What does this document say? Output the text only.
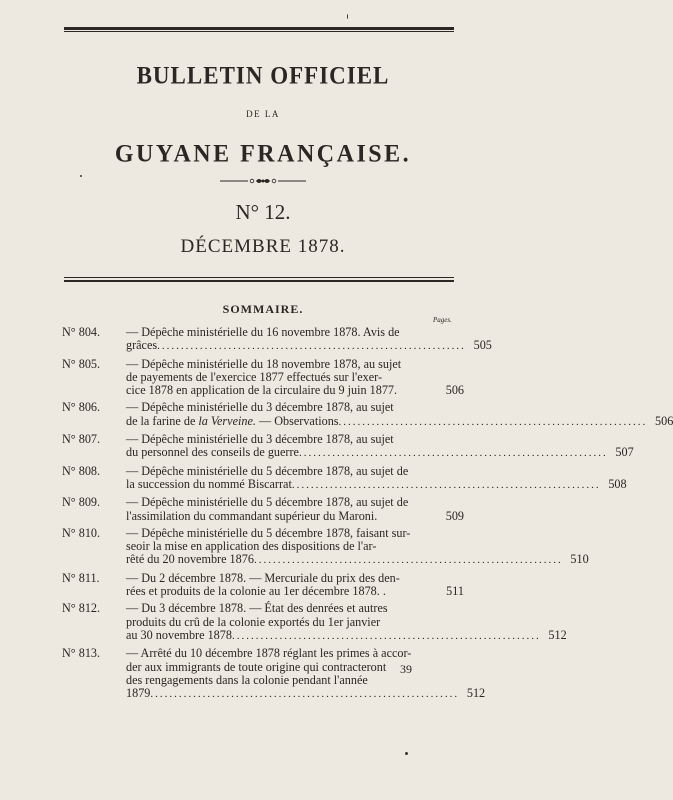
BULLETIN OFFICIEL
DE LA
GUYANE FRANÇAISE.
N° 12.
DÉCEMBRE 1878.
SOMMAIRE.
Pages.
N° 804.	— Dépêche ministérielle du 16 novembre 1878. Avis de
grâces ................................................................. 505
N° 805.	— Dépêche ministérielle du 18 novembre 1878, au sujet
de payements de l'exercice 1877 effectués sur l'exer-
cice 1878 en application de la circulaire du 9 juin 1877.	506
N° 806.	— Dépêche ministérielle du 3 décembre 1878, au sujet
de la farine de
la Verveine.
— Observations ................................................................. 506
N° 807.	— Dépêche ministérielle du 3 décembre 1878, au sujet
du personnel des conseils de guerre ................................................................. 507
N° 808.	— Dépêche ministérielle du 5 décembre 1878, au sujet de
la succession du nommé Biscarrat ................................................................. 508
N° 809.	— Dépêche ministérielle du 5 décembre 1878, au sujet de
l'assimilation du commandant supérieur du Maroni.	509
N° 810.	— Dépêche ministérielle du 5 décembre 1878, faisant sur-
seoir la mise en application des dispositions de l'ar-
rêté du 20 novembre 1876 ................................................................. 510
N° 811.	— Du 2 décembre 1878. — Mercuriale du prix des den-
rées et produits de la colonie au 1er décembre 1878. .	511
N° 812.	— Du 3 décembre 1878. — État des denrées et autres
produits du crû de la colonie exportés du 1er janvier
au 30 novembre 1878 ................................................................. 512
N° 813.	— Arrêté du 10 décembre 1878 réglant les primes à accor-
der aux immigrants de toute origine qui contracteront
des rengagements dans la colonie pendant l'année
1879 ................................................................. 512
39
